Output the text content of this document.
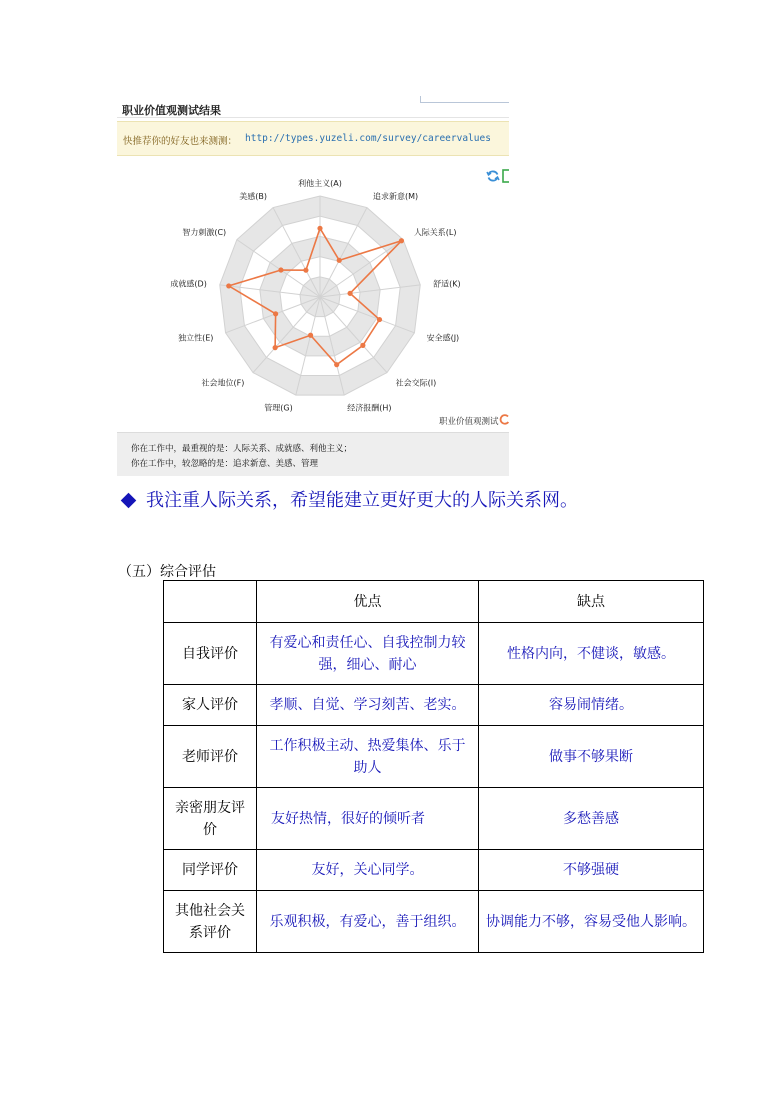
职业价值观测试结果
快推荐你的好友也来测测： http://types.yuzeli.com/survey/careervalues
利他主义(A)
追求新意(M)
人际关系(L)
舒适(K)
安全感(J)
社会交际(I)
经济报酬(H)
管理(G)
社会地位(F)
独立性(E)
成就感(D)
智力刺激(C)
美感(B)
职业价值观测试
你在工作中，最重视的是：人际关系、成就感、利他主义；
你在工作中，较忽略的是：追求新意、美感、管理
我注重人际关系，希望能建立更好更大的人际关系网。
（五）综合评估
	优点	缺点
自我评价	有爱心和责任心、自我控制力较强，细心、耐心	性格内向，不健谈，敏感。
家人评价	孝顺、自觉、学习刻苦、老实。	容易闹情绪。
老师评价	工作积极主动、热爱集体、乐于助人	做事不够果断
亲密朋友评价	友好热情，很好的倾听者	多愁善感
同学评价	友好，关心同学。	不够强硬
其他社会关系评价	乐观积极，有爱心，善于组织。	协调能力不够，容易受他人影响。
